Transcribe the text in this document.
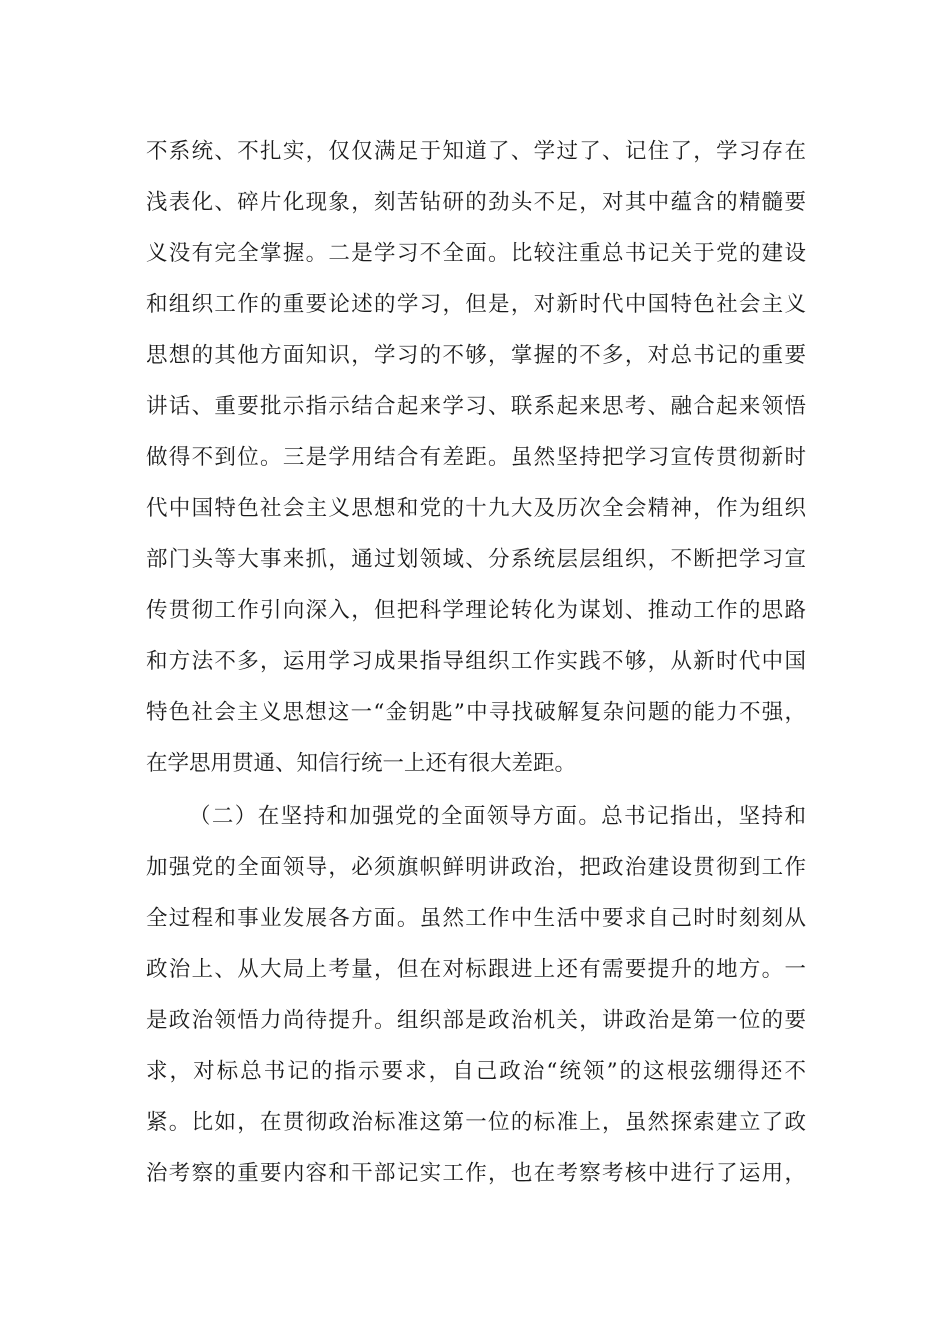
不系统、不扎实，仅仅满足于知道了、学过了、记住了，学习存在
浅表化、碎片化现象，刻苦钻研的劲头不足，对其中蕴含的精髓要
义没有完全掌握。二是学习不全面。比较注重总书记关于党的建设
和组织工作的重要论述的学习，但是，对新时代中国特色社会主义
思想的其他方面知识，学习的不够，掌握的不多，对总书记的重要
讲话、重要批示指示结合起来学习、联系起来思考、融合起来领悟
做得不到位。三是学用结合有差距。虽然坚持把学习宣传贯彻新时
代中国特色社会主义思想和党的十九大及历次全会精神，作为组织
部门头等大事来抓，通过划领域、分系统层层组织，不断把学习宣
传贯彻工作引向深入，但把科学理论转化为谋划、推动工作的思路
和方法不多，运用学习成果指导组织工作实践不够，从新时代中国
特色社会主义思想这一“金钥匙”中寻找破解复杂问题的能力不强，
在学思用贯通、知信行统一上还有很大差距。
（二）在坚持和加强党的全面领导方面。总书记指出，坚持和
加强党的全面领导，必须旗帜鲜明讲政治，把政治建设贯彻到工作
全过程和事业发展各方面。虽然工作中生活中要求自己时时刻刻从
政治上、从大局上考量，但在对标跟进上还有需要提升的地方。一
是政治领悟力尚待提升。组织部是政治机关，讲政治是第一位的要
求，对标总书记的指示要求，自己政治“统领”的这根弦绷得还不
紧。比如，在贯彻政治标准这第一位的标准上，虽然探索建立了政
治考察的重要内容和干部记实工作，也在考察考核中进行了运用，
